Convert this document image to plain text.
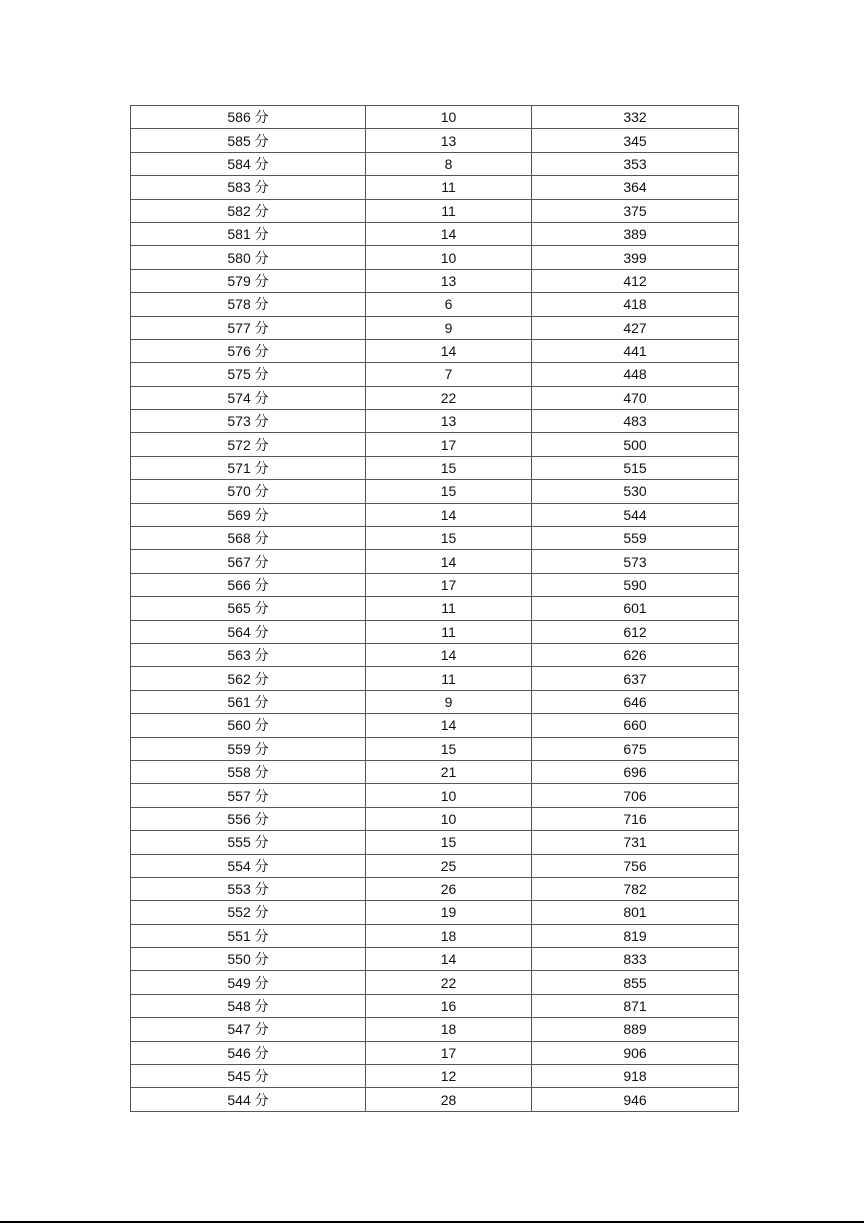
586 分	10	332
585 分	13	345
584 分	8	353
583 分	11	364
582 分	11	375
581 分	14	389
580 分	10	399
579 分	13	412
578 分	6	418
577 分	9	427
576 分	14	441
575 分	7	448
574 分	22	470
573 分	13	483
572 分	17	500
571 分	15	515
570 分	15	530
569 分	14	544
568 分	15	559
567 分	14	573
566 分	17	590
565 分	11	601
564 分	11	612
563 分	14	626
562 分	11	637
561 分	9	646
560 分	14	660
559 分	15	675
558 分	21	696
557 分	10	706
556 分	10	716
555 分	15	731
554 分	25	756
553 分	26	782
552 分	19	801
551 分	18	819
550 分	14	833
549 分	22	855
548 分	16	871
547 分	18	889
546 分	17	906
545 分	12	918
544 分	28	946
